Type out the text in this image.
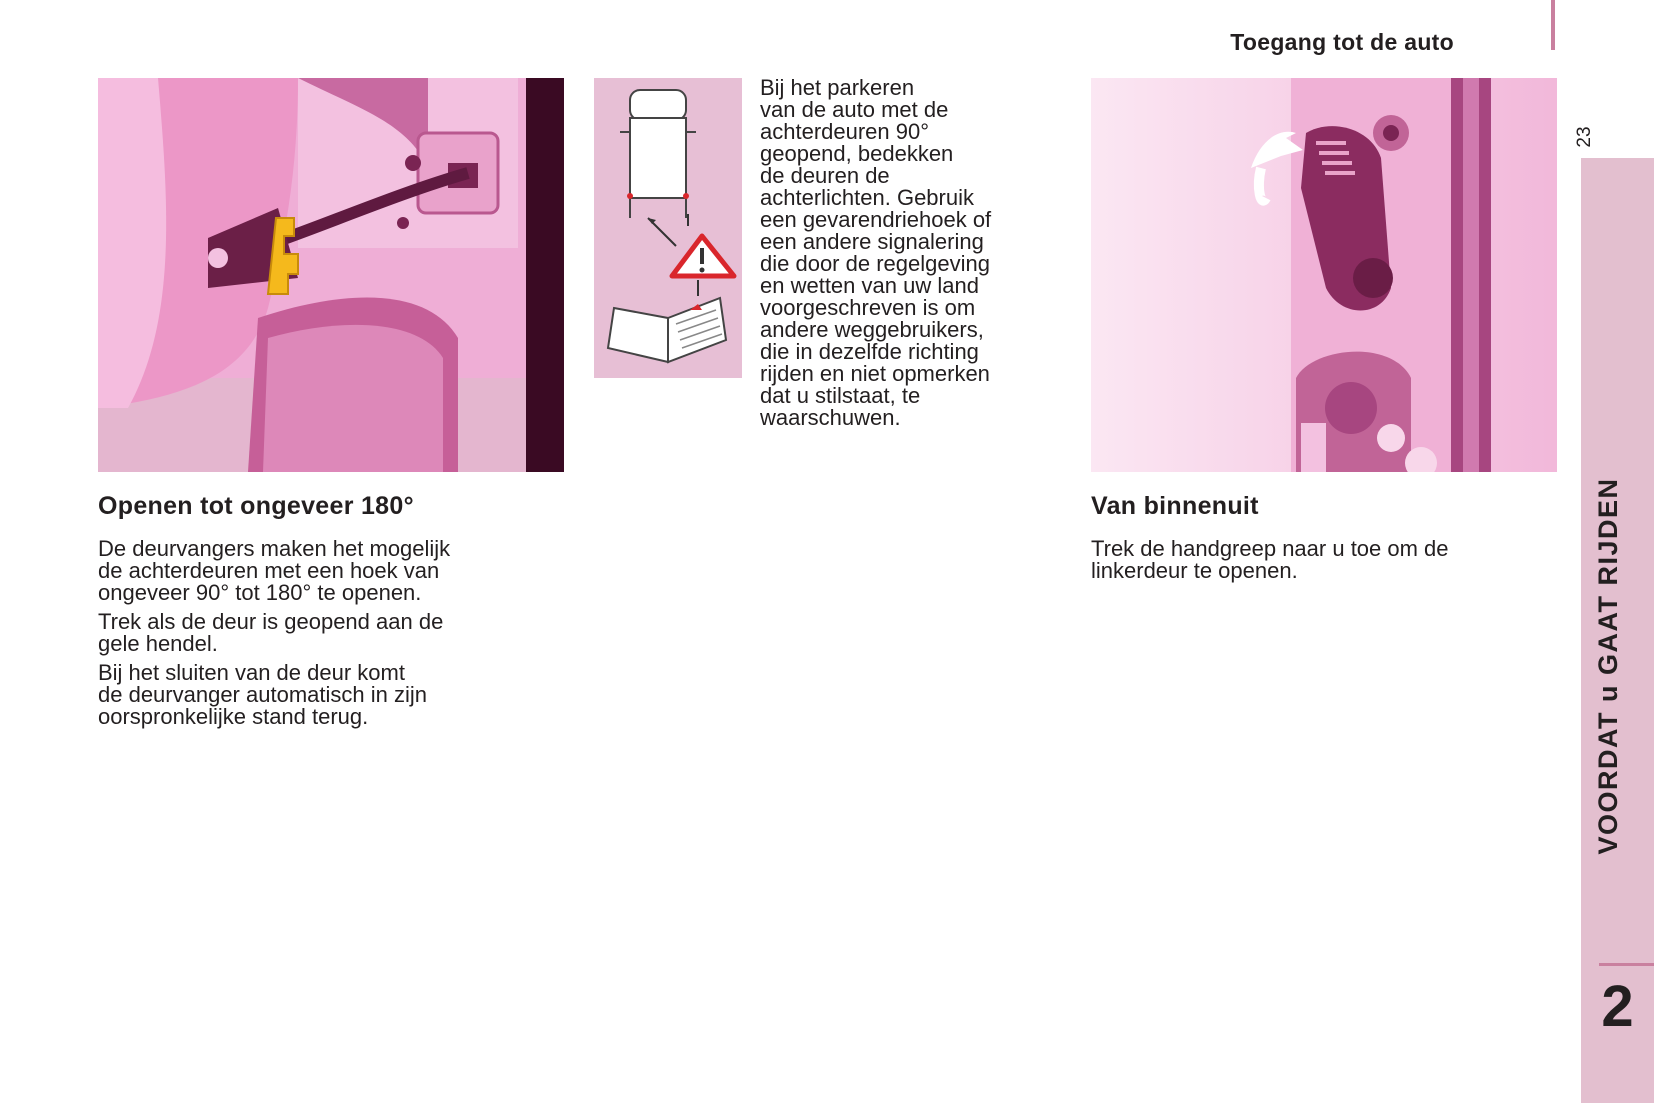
Toegang tot de auto
23
VOORDAT u GAAT RIJDEN
2
Openen tot ongeveer 180°

De deurvangers maken het mogelijk
de achterdeuren met een hoek van
ongeveer 90° tot 180° te openen.

Trek als de deur is geopend aan de
gele hendel.

Bij het sluiten van de deur komt
de deurvanger automatisch in zijn
oorspronkelijke stand terug.

Bij het parkeren
van de auto met de
achterdeuren 90°
geopend, bedekken
de deuren de
achterlichten. Gebruik
een gevarendriehoek of
een andere signalering
die door de regelgeving
en wetten van uw land
voorgeschreven is om
andere weggebruikers,
die in dezelfde richting
rijden en niet opmerken
dat u stilstaat, te
waarschuwen.
Van binnenuit

Trek de handgreep naar u toe om de
linkerdeur te openen.
